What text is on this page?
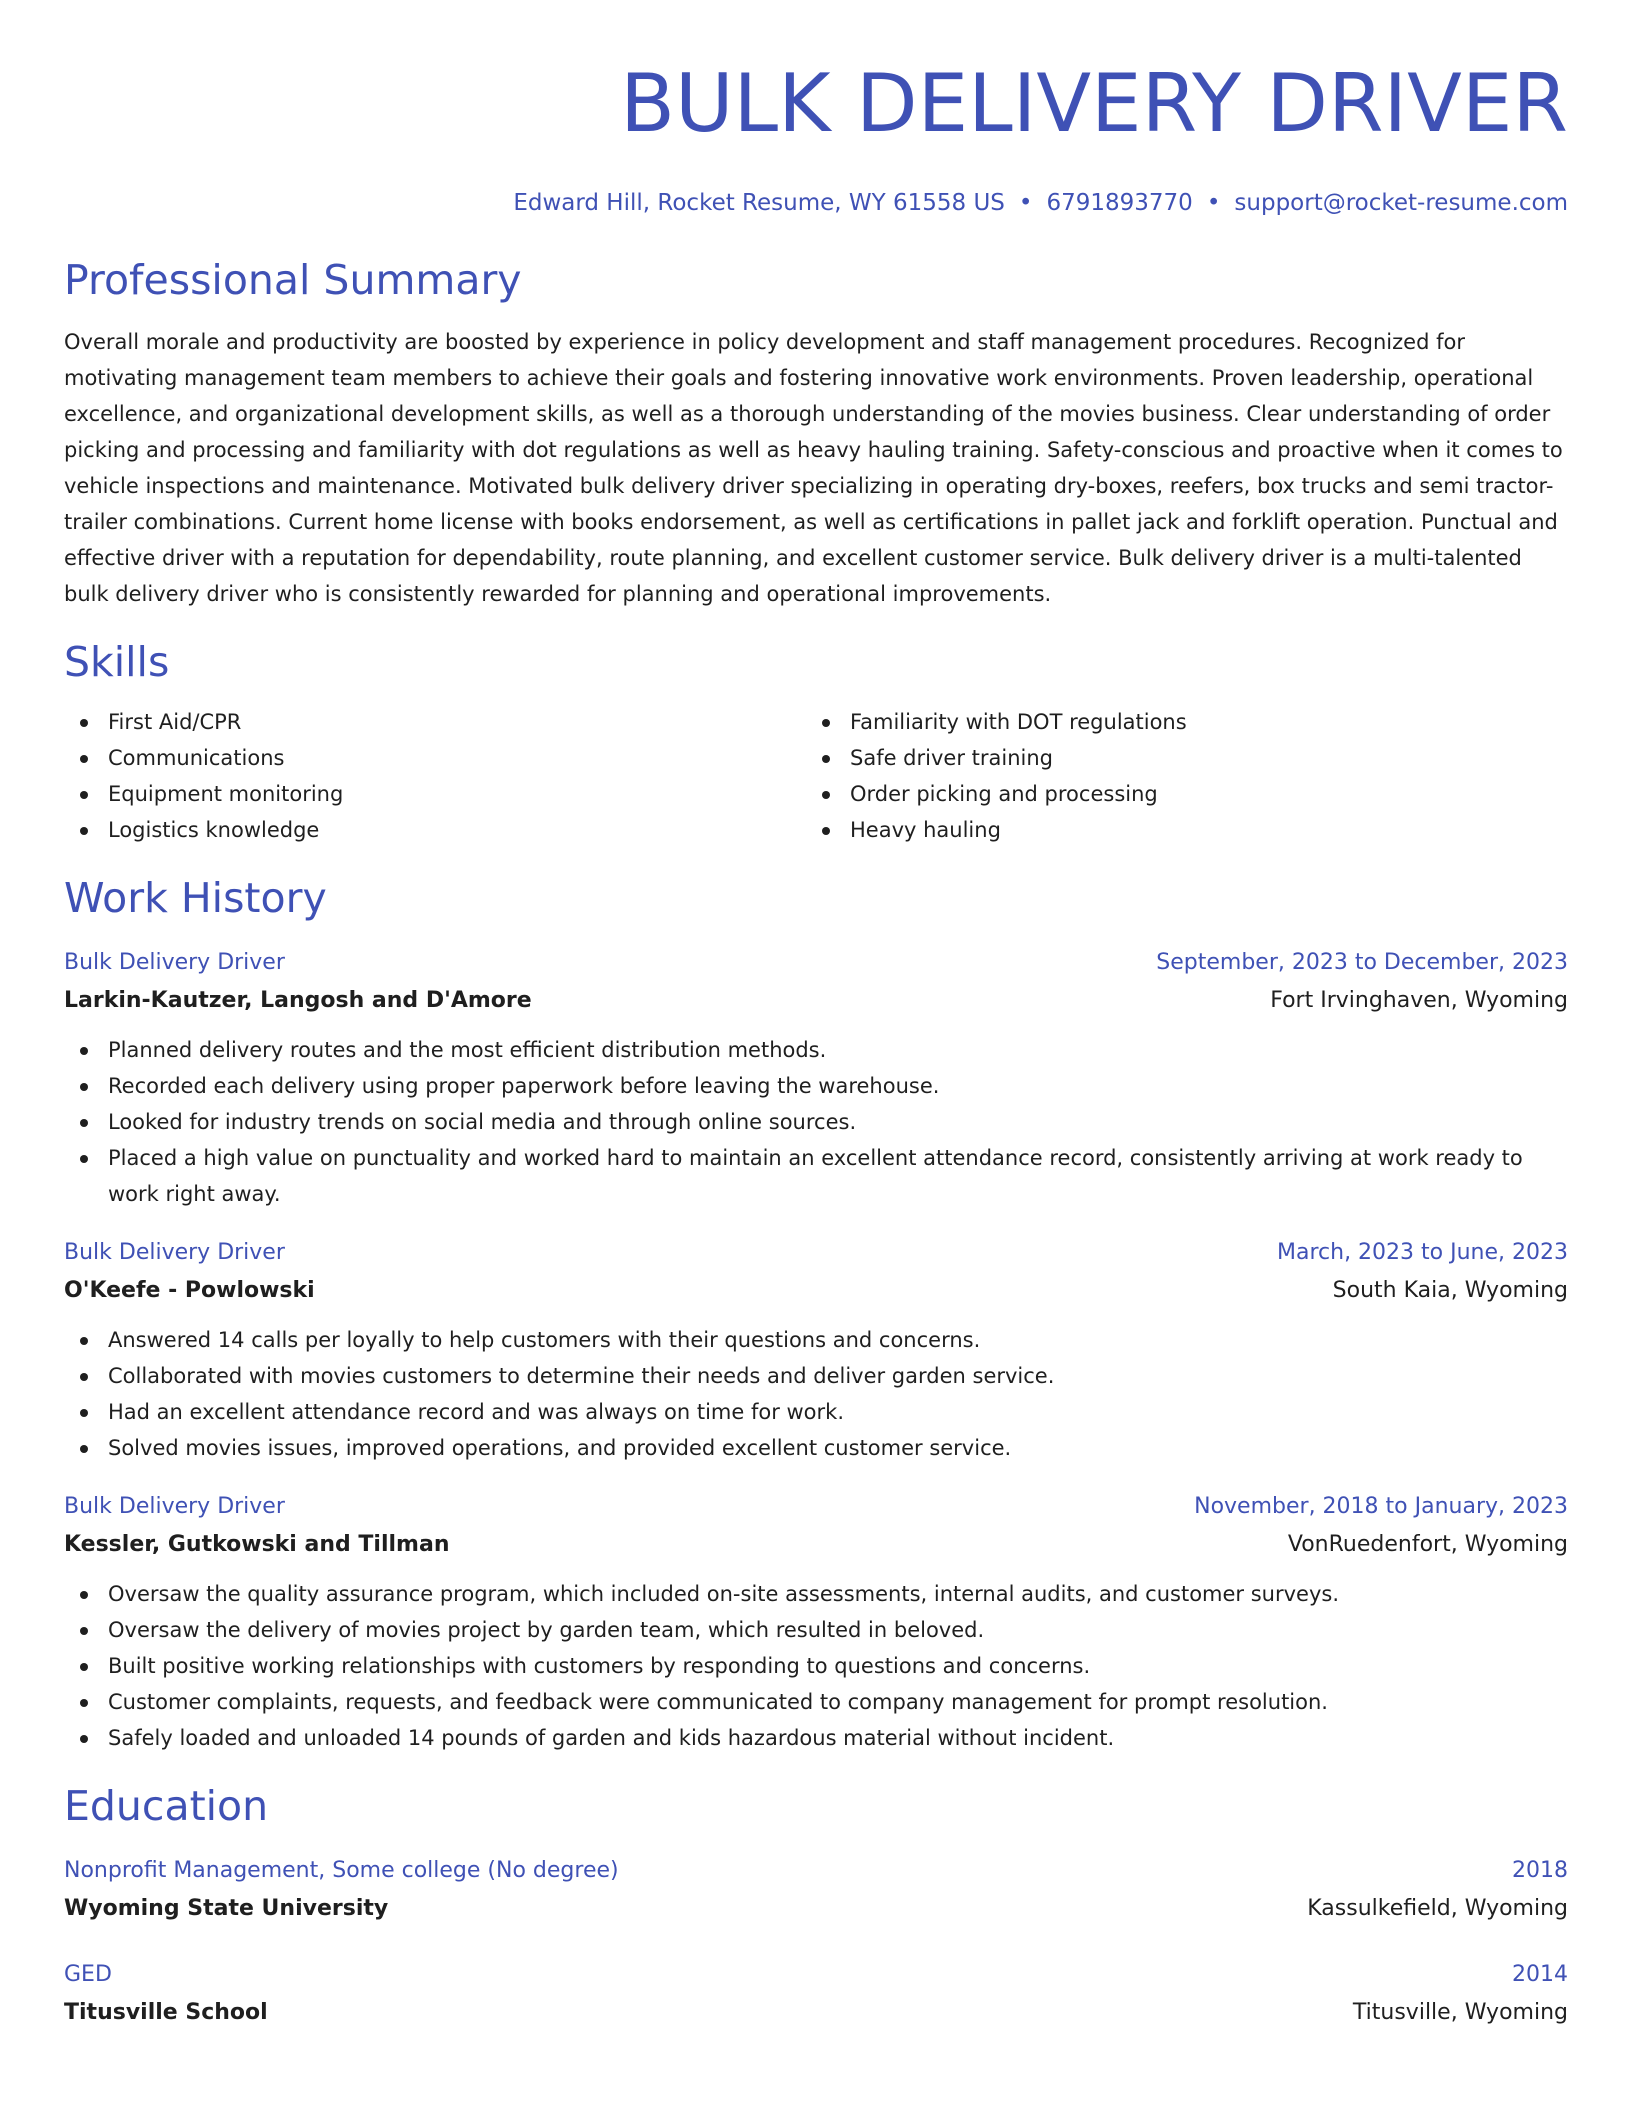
BULK DELIVERY DRIVER
Edward Hill, Rocket Resume, WY 61558 US • 6791893770 • support@rocket-resume.com
Professional Summary

Overall morale and productivity are boosted by experience in policy development and staff management procedures. Recognized for motivating management team members to achieve their goals and fostering innovative work environments. Proven leadership, operational excellence, and organizational development skills, as well as a thorough understanding of the movies business. Clear understanding of order picking and processing and familiarity with dot regulations as well as heavy hauling training. Safety-conscious and proactive when it comes to vehicle inspections and maintenance. Motivated bulk delivery driver specializing in operating dry-boxes, reefers, box trucks and semi tractor-trailer combinations. Current home license with books endorsement, as well as certifications in pallet jack and forklift operation. Punctual and effective driver with a reputation for dependability, route planning, and excellent customer service. Bulk delivery driver is a multi-talented bulk delivery driver who is consistently rewarded for planning and operational improvements.

Skills
First Aid/CPR
Communications
Equipment monitoring
Logistics knowledge
Familiarity with DOT regulations
Safe driver training
Order picking and processing
Heavy hauling
Work History
Bulk Delivery Driver	September, 2023 to December, 2023
Larkin-Kautzer, Langosh and D'Amore	Fort Irvinghaven, Wyoming
Planned delivery routes and the most efficient distribution methods.
Recorded each delivery using proper paperwork before leaving the warehouse.
Looked for industry trends on social media and through online sources.
Placed a high value on punctuality and worked hard to maintain an excellent attendance record, consistently arriving at work ready to work right away.
Bulk Delivery Driver	March, 2023 to June, 2023
O'Keefe - Powlowski	South Kaia, Wyoming
Answered 14 calls per loyally to help customers with their questions and concerns.
Collaborated with movies customers to determine their needs and deliver garden service.
Had an excellent attendance record and was always on time for work.
Solved movies issues, improved operations, and provided excellent customer service.
Bulk Delivery Driver	November, 2018 to January, 2023
Kessler, Gutkowski and Tillman	VonRuedenfort, Wyoming
Oversaw the quality assurance program, which included on-site assessments, internal audits, and customer surveys.
Oversaw the delivery of movies project by garden team, which resulted in beloved.
Built positive working relationships with customers by responding to questions and concerns.
Customer complaints, requests, and feedback were communicated to company management for prompt resolution.
Safely loaded and unloaded 14 pounds of garden and kids hazardous material without incident.
Education
Nonprofit Management, Some college (No degree)	2018
Wyoming State University	Kassulkefield, Wyoming
GED	2014
Titusville School	Titusville, Wyoming
